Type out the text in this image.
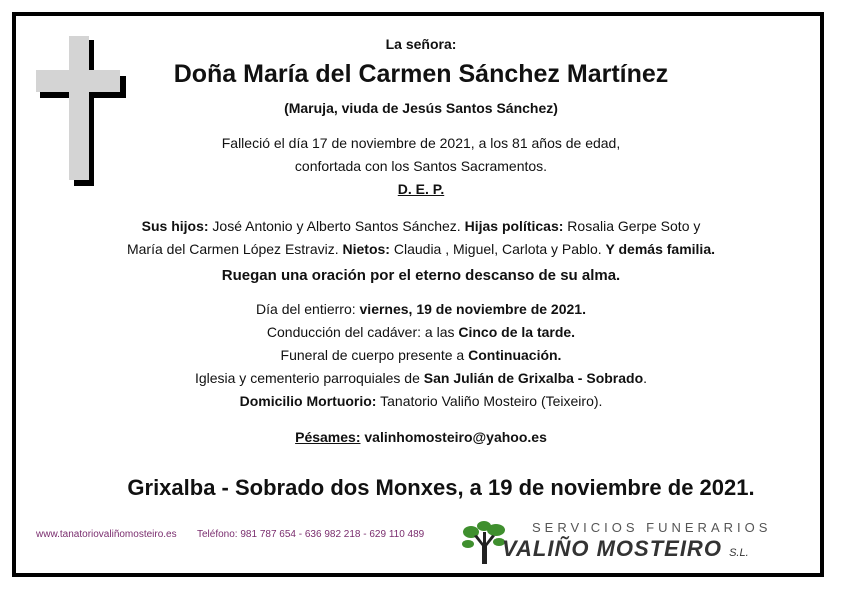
La señora:
Doña María del Carmen Sánchez Martínez
(Maruja, viuda de Jesús Santos Sánchez)
Falleció el día 17 de noviembre de 2021, a los 81 años de edad,
confortada con los Santos Sacramentos.
D. E. P.
Sus hijos: José Antonio y Alberto Santos Sánchez. Hijas políticas: Rosalia Gerpe Soto y
María del Carmen López Estraviz. Nietos: Claudia , Miguel, Carlota y Pablo. Y demás familia.
Ruegan una oración por el eterno descanso de su alma.
Día del entierro: viernes, 19 de noviembre de 2021.
Conducción del cadáver: a las Cinco de la tarde.
Funeral de cuerpo presente a Continuación.
Iglesia y cementerio parroquiales de San Julián de Grixalba - Sobrado.
Domicilio Mortuorio: Tanatorio Valiño Mosteiro (Teixeiro).
Pésames: valinhomosteiro@yahoo.es
Grixalba - Sobrado dos Monxes, a 19 de noviembre de 2021.
www.tanatoriovaliñomosteiro.es Teléfono: 981 787 654 - 636 982 218 - 629 110 489	SERVICIOS FUNERARIOS
VALIÑO MOSTEIRO S.L.
